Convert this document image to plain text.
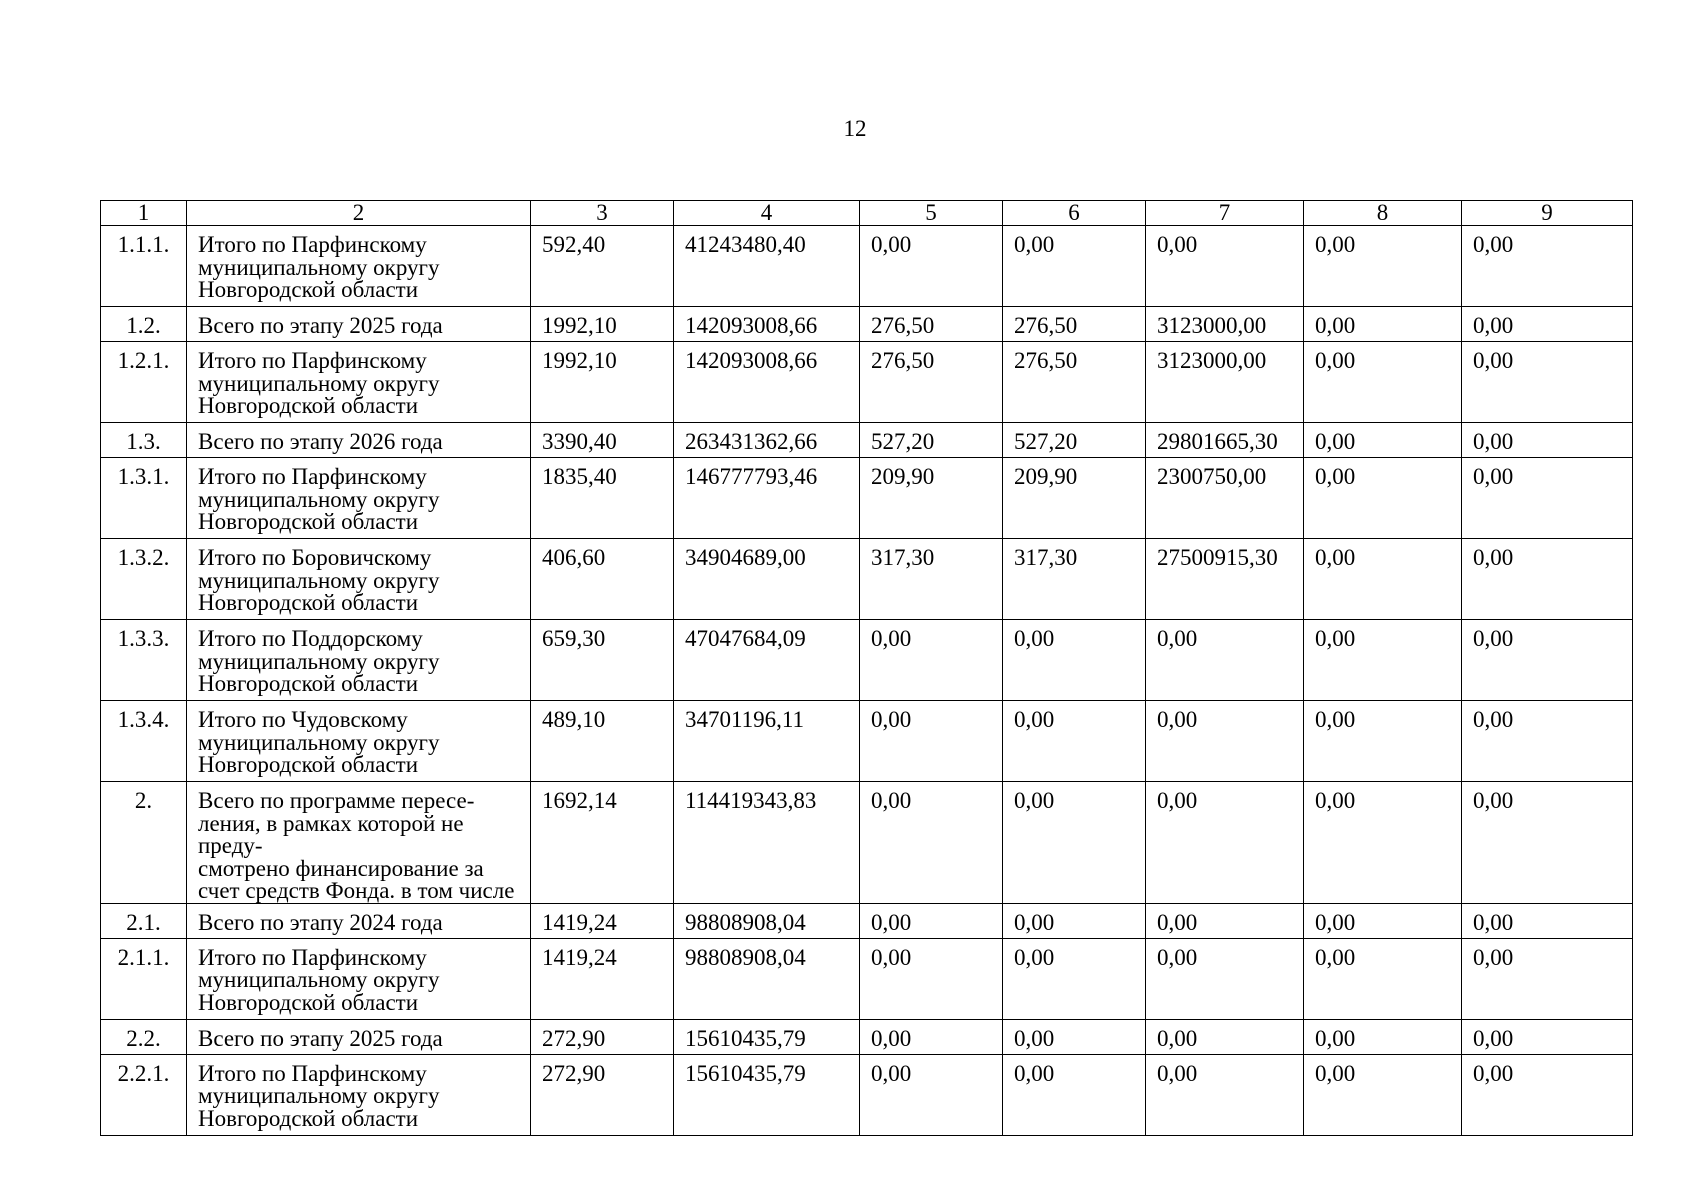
12
1	2	3	4	5	6	7	8	9
1.1.1.	Итого по Парфинскому
муниципальному округу
Новгородской области	592,40	41243480,40	0,00	0,00	0,00	0,00	0,00
1.2.	Всего по этапу 2025 года	1992,10	142093008,66	276,50	276,50	3123000,00	0,00	0,00
1.2.1.	Итого по Парфинскому
муниципальному округу
Новгородской области	1992,10	142093008,66	276,50	276,50	3123000,00	0,00	0,00
1.3.	Всего по этапу 2026 года	3390,40	263431362,66	527,20	527,20	29801665,30	0,00	0,00
1.3.1.	Итого по Парфинскому
муниципальному округу
Новгородской области	1835,40	146777793,46	209,90	209,90	2300750,00	0,00	0,00
1.3.2.	Итого по Боровичскому
муниципальному округу
Новгородской области	406,60	34904689,00	317,30	317,30	27500915,30	0,00	0,00
1.3.3.	Итого по Поддорскому
муниципальному округу
Новгородской области	659,30	47047684,09	0,00	0,00	0,00	0,00	0,00
1.3.4.	Итого по Чудовскому
муниципальному округу
Новгородской области	489,10	34701196,11	0,00	0,00	0,00	0,00	0,00
2.	Всего по программе пересе-
ления, в рамках которой не преду-
смотрено финансирование за
счет средств Фонда. в том числе	1692,14	114419343,83	0,00	0,00	0,00	0,00	0,00
2.1.	Всего по этапу 2024 года	1419,24	98808908,04	0,00	0,00	0,00	0,00	0,00
2.1.1.	Итого по Парфинскому
муниципальному округу
Новгородской области	1419,24	98808908,04	0,00	0,00	0,00	0,00	0,00
2.2.	Всего по этапу 2025 года	272,90	15610435,79	0,00	0,00	0,00	0,00	0,00
2.2.1.	Итого по Парфинскому
муниципальному округу
Новгородской области	272,90	15610435,79	0,00	0,00	0,00	0,00	0,00
